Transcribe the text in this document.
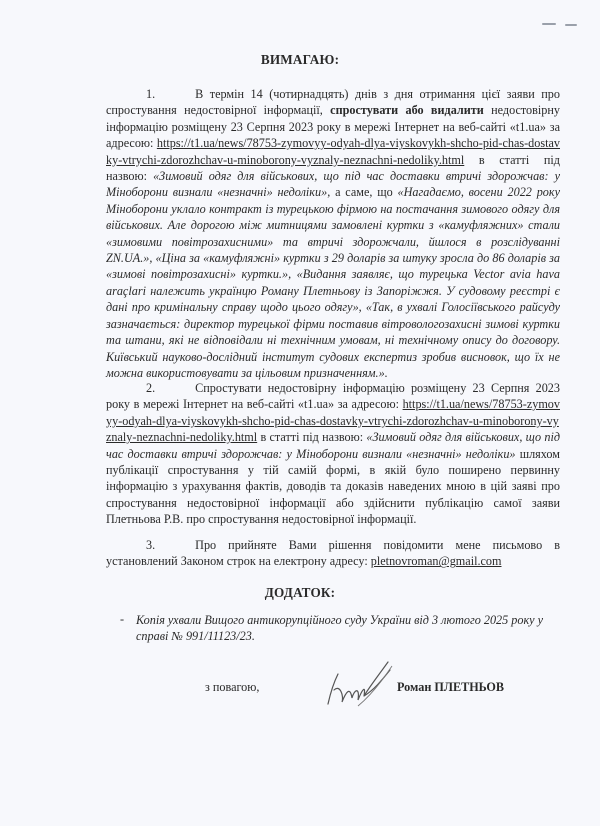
ВИМАГАЮ:

1.	В термін 14 (чотирнадцять) днів з дня отримання цієї заяви про спростування недостовірної інформації, спростувати або видалити недостовірну інформацію розміщену 23 Серпня 2023 року в мережі Інтернет на веб-сайті «t1.ua» за адресою: https://t1.ua/news/78753-zymovyy-odyah-dlya-viyskovykh-shcho-pid-chas-dostavky-vtrychi-zdorozhchav-u-minoborony-vyznaly-neznachni-nedoliky.html в статті під назвою: «Зимовий одяг для військових, що під час доставки втричі здорожчав: у Міноборони визнали «незначні» недоліки», а саме, що «Нагадаємо, восени 2022 року Міноборони уклало контракт із турецькою фірмою на постачання зимового одягу для військових. Але дорогою між митницями замовлені куртки з «камуфляжних» стали «зимовими повітрозахисними» та втричі здорожчали, йшлося в розслідуванні ZN.UA.», «Ціна за «камуфляжні» куртки з 29 доларів за штуку зросла до 86 доларів за «зимові повітрозахисні» куртки.», «Видання заявляє, що турецька Vector avia hava araçlari належить українцю Роману Плетньову із Запоріжжя. У судовому реєстрі є дані про кримінальну справу щодо цього одягу», «Так, в ухвалі Голосіївського райсуду зазначається: директор турецької фірми поставив вітровологозахисні зимові куртки та штани, які не відповідали ні технічним умовам, ні технічному опису до договору. Київський науково-дослідний інститут судових експертиз зробив висновок, що їх не можна використовувати за цільовим призначенням.».

2.	Спростувати недостовірну інформацію розміщену 23 Серпня 2023 року в мережі Інтернет на веб-сайті «t1.ua» за адресою: https://t1.ua/news/78753-zymovyy-odyah-dlya-viyskovykh-shcho-pid-chas-dostavky-vtrychi-zdorozhchav-u-minoborony-vyznaly-neznachni-nedoliky.html в статті під назвою: «Зимовий одяг для військових, що під час доставки втричі здорожчав: у Міноборони визнали «незначні» недоліки» шляхом публікації спростування у тій самій формі, в якій було поширено первинну інформацію з урахування фактів, доводів та доказів наведених мною в цій заяві про спростування недостовірної інформації або здійснити публікацію самої заяви Плетньова Р.В. про спростування недостовірної інформації.

3.	Про прийняте Вами рішення повідомити мене письмово в установлений Законом строк на електрону адресу: pletnovroman@gmail.com

ДОДАТОК:
- Копія ухвали Вищого антикорупційного суду України від 3 лютого 2025 року у справі № 991/11123/23.
з повагою,	Роман ПЛЕТНЬОВ
